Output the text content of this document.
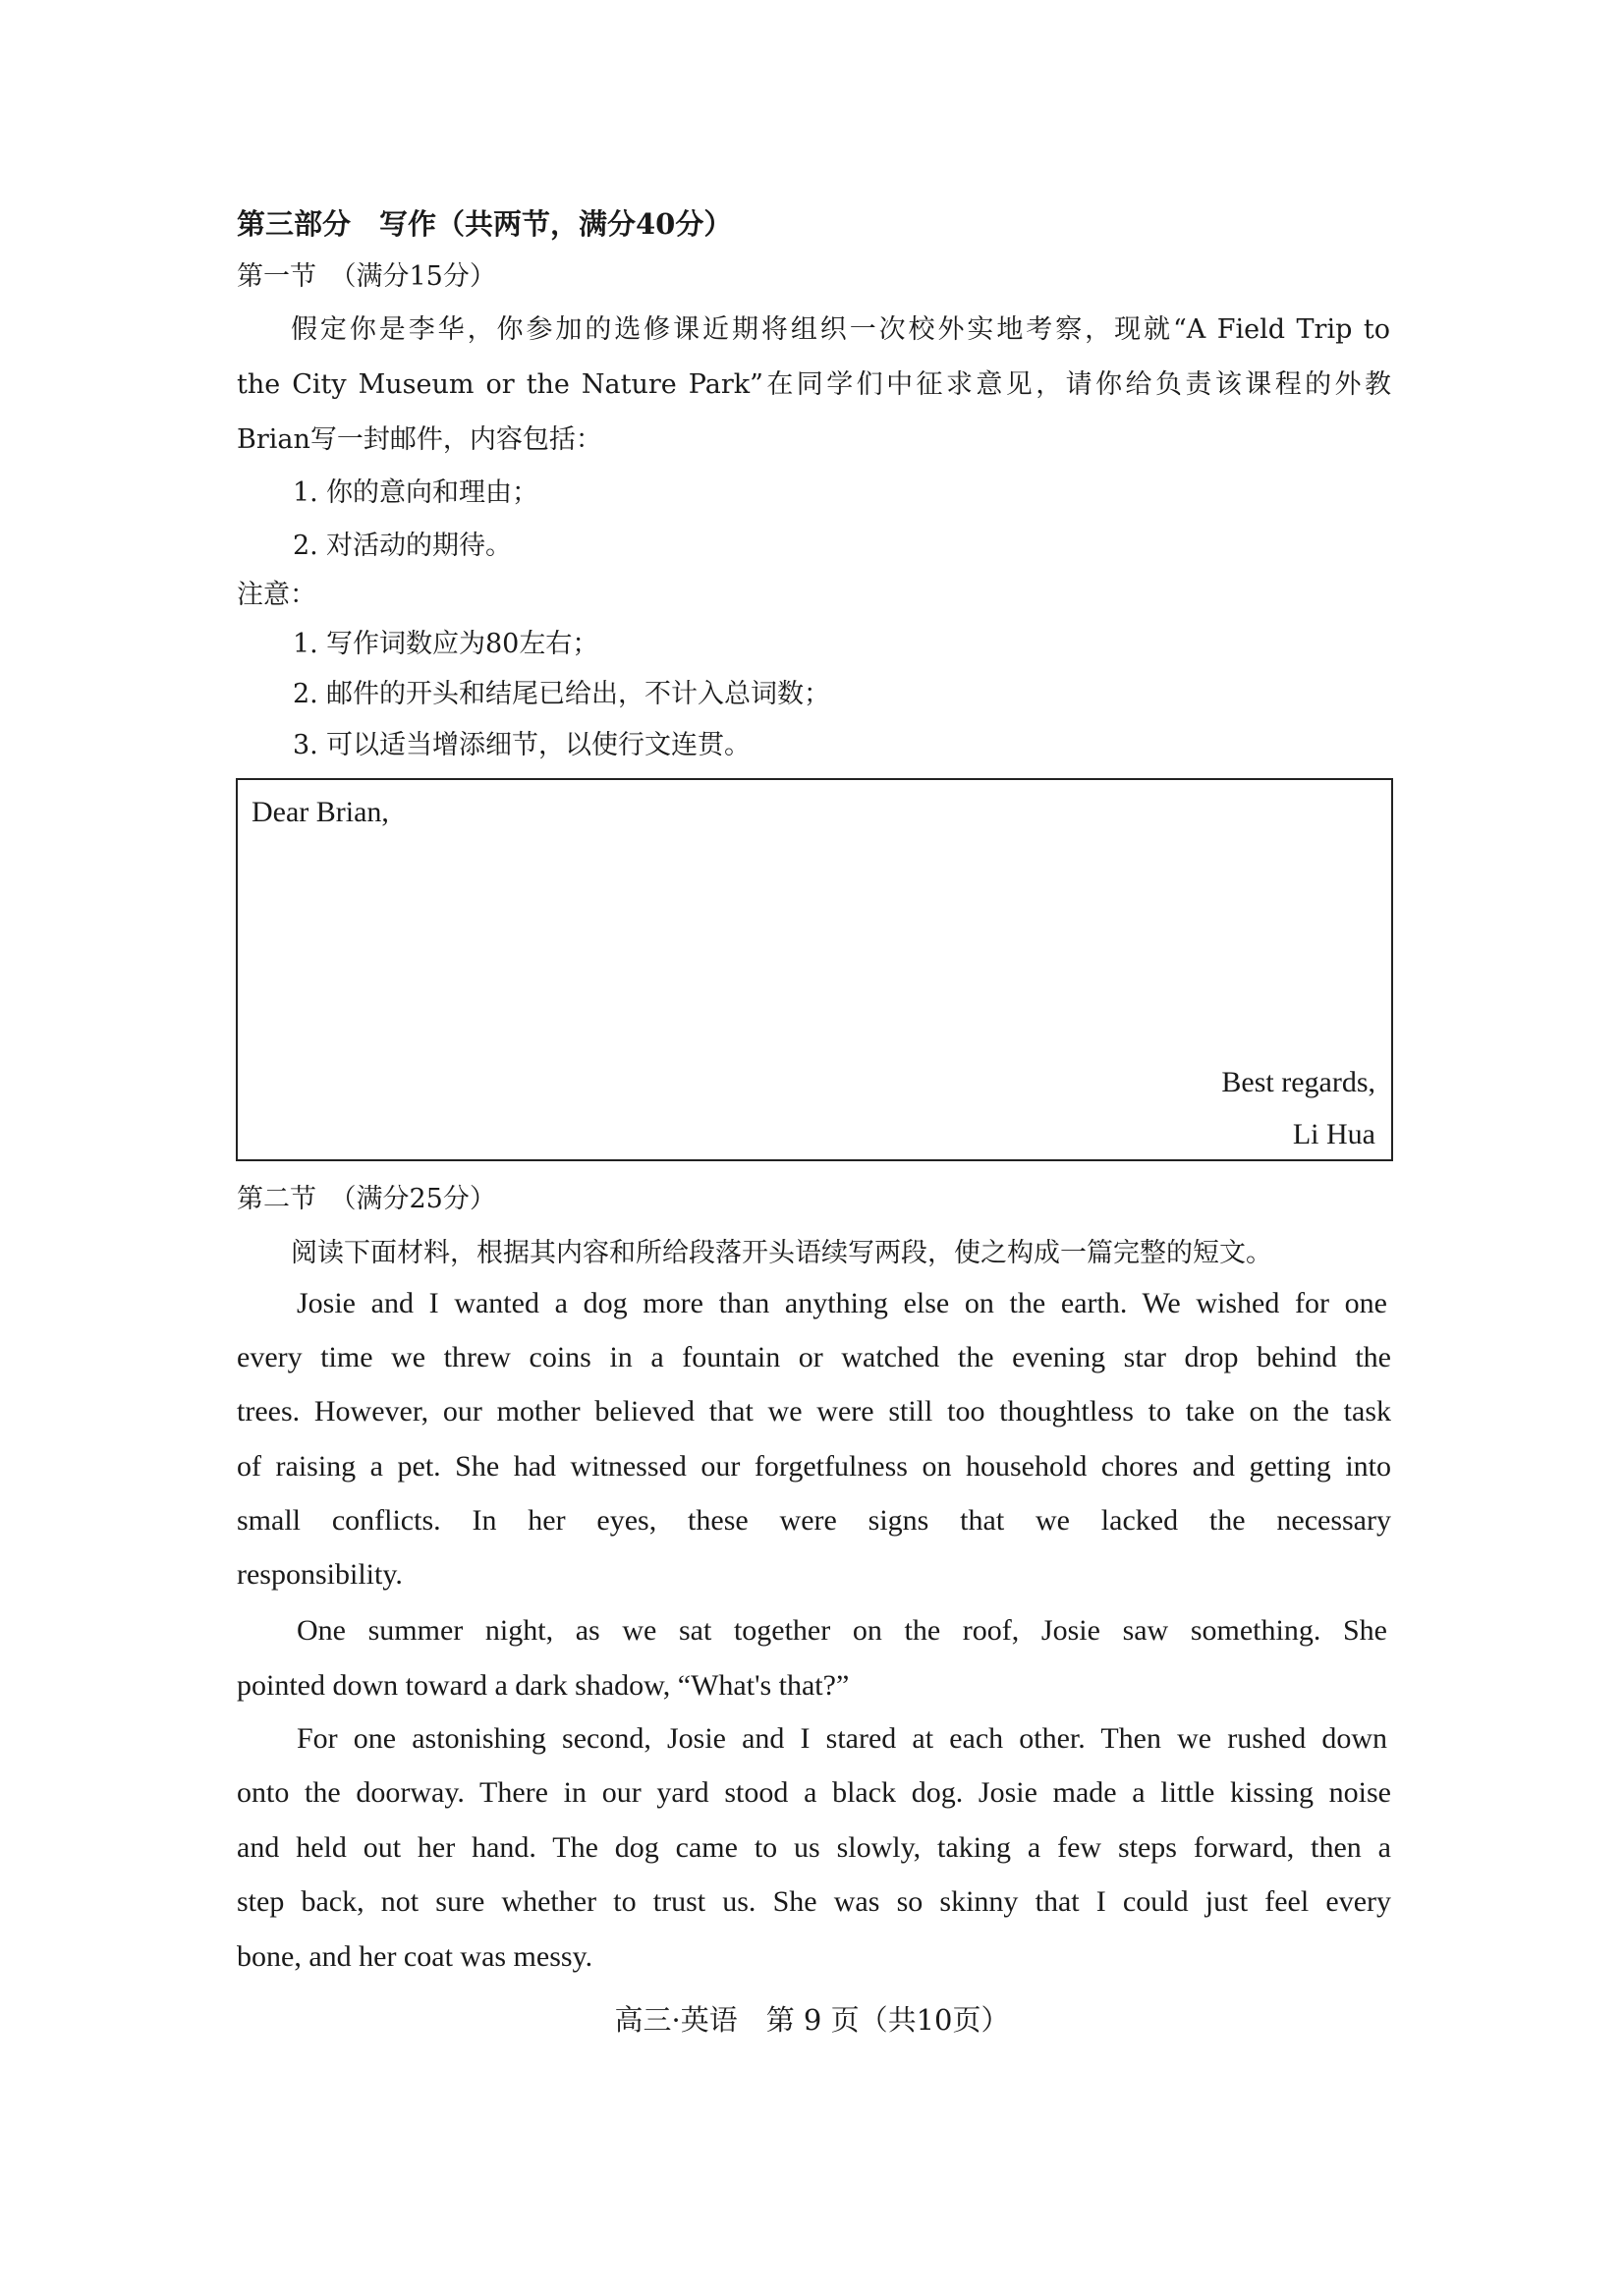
第三部分　写作（共两节，满分40分）
第一节　（满分15分）
假定你是李华，你参加的选修课近期将组织一次校外实地考察，现就“A Field Trip to
the City Museum or the Nature Park”在同学们中征求意见，请你给负责该课程的外教
Brian写一封邮件，内容包括：
1. 你的意向和理由；
2. 对活动的期待。
注意：
1. 写作词数应为80左右；
2. 邮件的开头和结尾已给出，不计入总词数；
3. 可以适当增添细节，以使行文连贯。
Dear Brian,
Best regards,
Li Hua
第二节　（满分25分）
阅读下面材料，根据其内容和所给段落开头语续写两段，使之构成一篇完整的短文。
Josie and I wanted a dog more than anything else on the earth. We wished for one
every time we threw coins in a fountain or watched the evening star drop behind the
trees. However, our mother believed that we were still too thoughtless to take on the task
of raising a pet. She had witnessed our forgetfulness on household chores and getting into
small conflicts. In her eyes, these were signs that we lacked the necessary
responsibility.
One summer night, as we sat together on the roof, Josie saw something. She
pointed down toward a dark shadow, “What's that?”
For one astonishing second, Josie and I stared at each other. Then we rushed down
onto the doorway. There in our yard stood a black dog. Josie made a little kissing noise
and held out her hand. The dog came to us slowly, taking a few steps forward, then a
step back, not sure whether to trust us. She was so skinny that I could just feel every
bone, and her coat was messy.
高三·英语　第 9 页（共10页）
